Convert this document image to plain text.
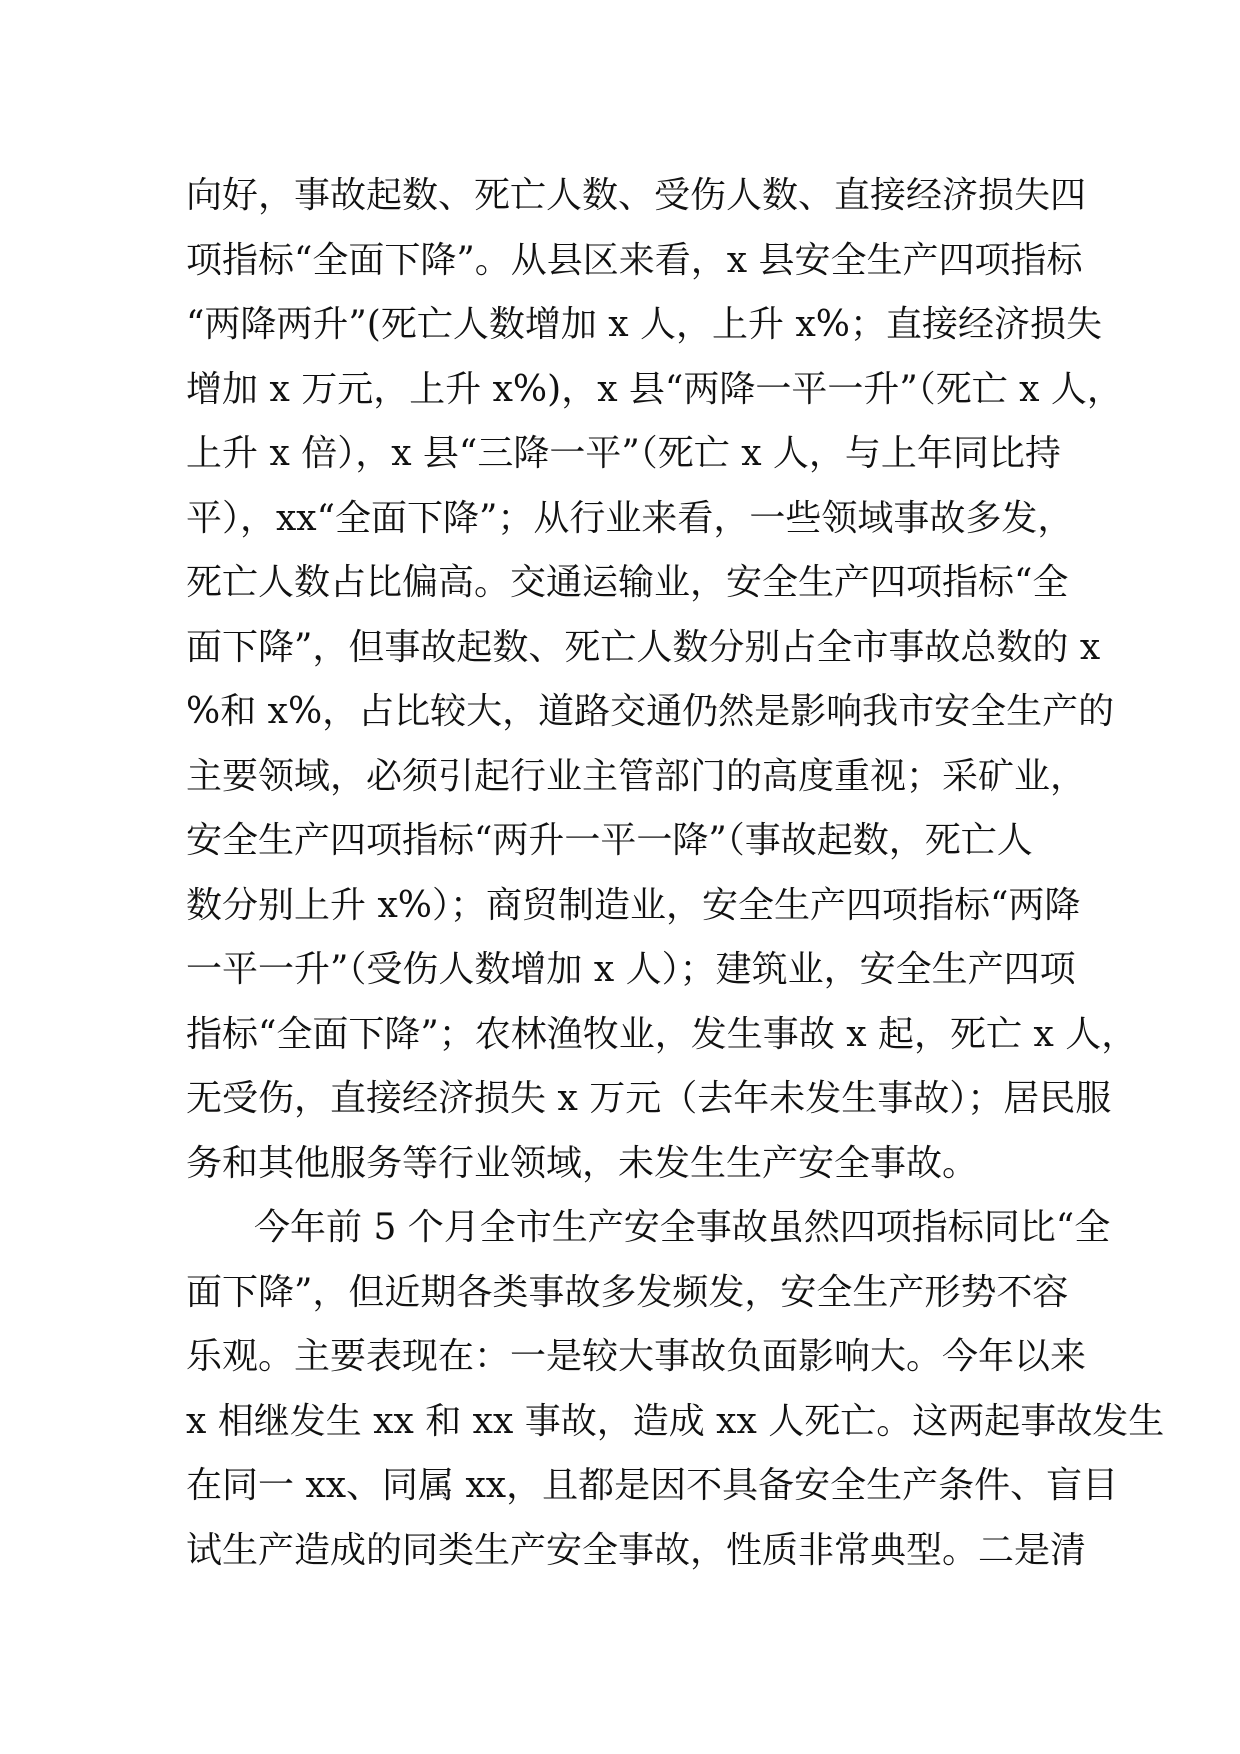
向好，事故起数、死亡人数、受伤人数、直接经济损失四
项指标“全面下降”。从县区来看，x 县安全生产四项指标
“两降两升”(死亡人数增加 x 人，上升 x%；直接经济损失
增加 x 万元，上升 x%)，x 县“两降一平一升”（死亡 x 人，
上升 x 倍），x 县“三降一平”（死亡 x 人，与上年同比持
平），xx“全面下降”；从行业来看，一些领域事故多发，
死亡人数占比偏高。交通运输业，安全生产四项指标“全
面下降”，但事故起数、死亡人数分别占全市事故总数的 x
%和 x%，占比较大，道路交通仍然是影响我市安全生产的
主要领域，必须引起行业主管部门的高度重视；采矿业，
安全生产四项指标“两升一平一降”（事故起数，死亡人
数分别上升 x%）；商贸制造业，安全生产四项指标“两降
一平一升”（受伤人数增加 x 人）；建筑业，安全生产四项
指标“全面下降”；农林渔牧业，发生事故 x 起，死亡 x 人，
无受伤，直接经济损失 x 万元（去年未发生事故）；居民服
务和其他服务等行业领域，未发生生产安全事故。
今年前 5 个月全市生产安全事故虽然四项指标同比“全
面下降”，但近期各类事故多发频发，安全生产形势不容
乐观。主要表现在：一是较大事故负面影响大。今年以来
x 相继发生 xx 和 xx 事故，造成 xx 人死亡。这两起事故发生
在同一 xx、同属 xx，且都是因不具备安全生产条件、盲目
试生产造成的同类生产安全事故，性质非常典型。二是清
